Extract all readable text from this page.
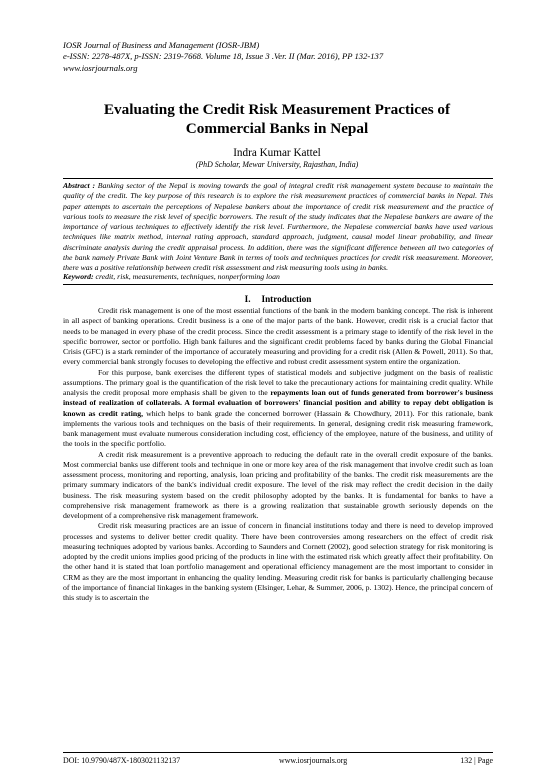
IOSR Journal of Business and Management (IOSR-JBM)
e-ISSN: 2278-487X, p-ISSN: 2319-7668. Volume 18, Issue 3 .Ver. II (Mar. 2016), PP 132-137
www.iosrjournals.org
Evaluating the Credit Risk Measurement Practices of Commercial Banks in Nepal
Indra Kumar Kattel
(PhD Scholar, Mewar University, Rajasthan, India)
Abstract : Banking sector of the Nepal is moving towards the goal of integral credit risk management system because to maintain the quality of the credit. The key purpose of this research is to explore the risk measurement practices of commercial banks in Nepal. This paper attempts to ascertain the perceptions of Nepalese bankers about the importance of credit risk measurement and the practice of various tools to measure the risk level of specific borrowers. The result of the study indicates that the Nepalese bankers are aware of the importance of various techniques to effectively identify the risk level. Furthermore, the Nepalese commercial banks have used various techniques like matrix method, internal rating approach, standard approach, judgment, causal model linear probability, and linear discriminate analysis during the credit appraisal process. In addition, there was the significant difference between all two categories of the bank namely Private Bank with Joint Venture Bank in terms of tools and techniques practices for credit risk measurement. Moreover, there was a positive relationship between credit risk assessment and risk measuring tools using in banks.
Keyword: credit, risk, measurements, techniques, nonperforming loan
I. Introduction

Credit risk management is one of the most essential functions of the bank in the modern banking concept. The risk is inherent in all aspect of banking operations. Credit business is a one of the major parts of the bank. However, credit risk is a crucial factor that needs to be managed in every phase of the credit process. Since the credit assessment is a primary stage to identify of the risk level in the specific borrower, sector or portfolio. High bank failures and the significant credit problems faced by banks during the Global Financial Crisis (GFC) is a stark reminder of the importance of accurately measuring and providing for a credit risk (Allen & Powell, 2011). So that, every commercial bank strongly focuses to developing the effective and robust credit assessment system entire the organization.

For this purpose, bank exercises the different types of statistical models and subjective judgment on the basis of realistic assumptions. The primary goal is the quantification of the risk level to take the precautionary actions for maintaining credit quality. While analysis the credit proposal more emphasis shall be given to the repayments loan out of funds generated from borrower's business instead of realization of collaterals. A formal evaluation of borrowers' financial position and ability to repay debt obligation is known as credit rating, which helps to bank grade the concerned borrower (Hassain & Chowdhury, 2011). For this rationale, bank implements the various tools and techniques on the basis of their requirements. In general, designing credit risk measuring framework, bank management must evaluate numerous consideration including cost, efficiency of the employee, nature of the business, and utility of the tools in the specific portfolio.

A credit risk measurement is a preventive approach to reducing the default rate in the overall credit exposure of the banks. Most commercial banks use different tools and technique in one or more key area of the risk management that involve credit such as loan assessment process, monitoring and reporting, analysis, loan pricing and profitability of the banks. The credit risk measurements are the primary summary indicators of the bank's individual credit exposure. The level of the risk may reflect the credit decision in the daily business. The risk measuring system based on the credit philosophy adopted by the banks. It is fundamental for banks to have a comprehensive risk management framework as there is a growing realization that sustainable growth seriously depends on the development of a comprehensive risk management framework.

Credit risk measuring practices are an issue of concern in financial institutions today and there is need to develop improved processes and systems to deliver better credit quality. There have been controversies among researchers on the effect of credit risk measuring techniques adopted by various banks. According to Saunders and Cornett (2002), good selection strategy for risk monitoring is adopted by the credit unions implies good pricing of the products in line with the estimated risk which greatly affect their profitability. On the other hand it is stated that loan portfolio management and operational efficiency management are the most important to consider in CRM as they are the most important in enhancing the quality lending. Measuring credit risk for banks is particularly challenging because of the importance of financial linkages in the banking system (Elsinger, Lehar, & Summer, 2006, p. 1302). Hence, the principal concern of this study is to ascertain the

DOI: 10.9790/487X-1803021132137	www.iosrjournals.org	132 | Page
